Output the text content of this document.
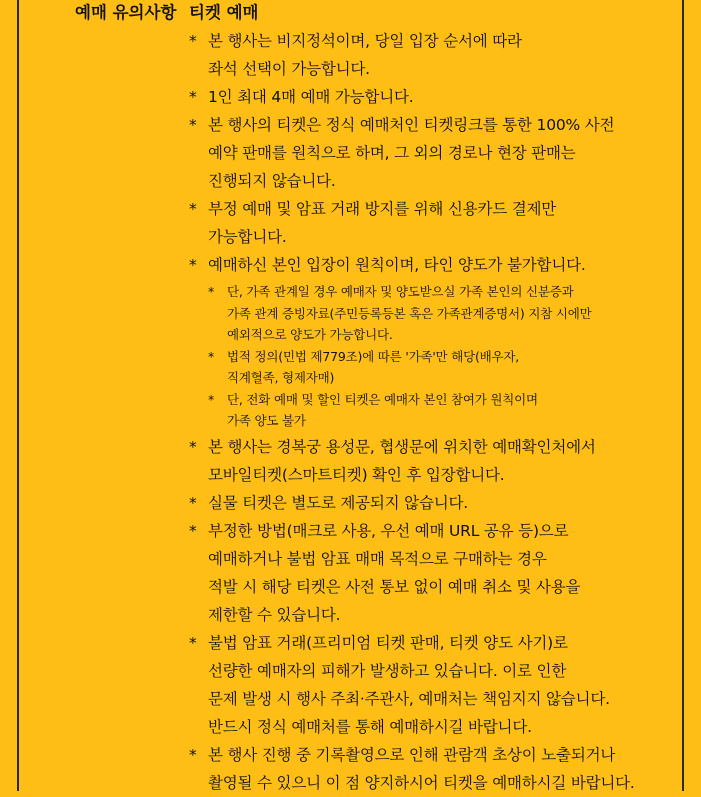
예매 유의사항 티켓 예매
* 본 행사는 비지정석이며, 당일 입장 순서에 따라
좌석 선택이 가능합니다.
* 1인 최대 4매 예매 가능합니다.
* 본 행사의 티켓은 정식 예매처인 티켓링크를 통한 100% 사전
예약 판매를 원칙으로 하며, 그 외의 경로나 현장 판매는
진행되지 않습니다.
* 부정 예매 및 암표 거래 방지를 위해 신용카드 결제만
가능합니다.
* 예매하신 본인 입장이 원칙이며, 타인 양도가 불가합니다.
* 단, 가족 관계일 경우 예매자 및 양도받으실 가족 본인의 신분증과
가족 관계 증빙자료(주민등록등본 혹은 가족관계증명서) 지참 시에만
예외적으로 양도가 가능합니다.
* 법적 정의(민법 제779조)에 따른 '가족'만 해당(배우자,
직계혈족, 형제자매)
* 단, 전화 예매 및 할인 티켓은 예매자 본인 참여가 원칙이며
가족 양도 불가
* 본 행사는 경복궁 용성문, 협생문에 위치한 예매확인처에서
모바일티켓(스마트티켓) 확인 후 입장합니다.
* 실물 티켓은 별도로 제공되지 않습니다.
* 부정한 방법(매크로 사용, 우선 예매 URL 공유 등)으로
예매하거나 불법 암표 매매 목적으로 구매하는 경우
적발 시 해당 티켓은 사전 통보 없이 예매 취소 및 사용을
제한할 수 있습니다.
* 불법 암표 거래(프리미엄 티켓 판매, 티켓 양도 사기)로
선량한 예매자의 피해가 발생하고 있습니다. 이로 인한
문제 발생 시 행사 주최·주관사, 예매처는 책임지지 않습니다.
반드시 정식 예매처를 통해 예매하시길 바랍니다.
* 본 행사 진행 중 기록촬영으로 인해 관람객 초상이 노출되거나
촬영될 수 있으니 이 점 양지하시어 티켓을 예매하시길 바랍니다.
